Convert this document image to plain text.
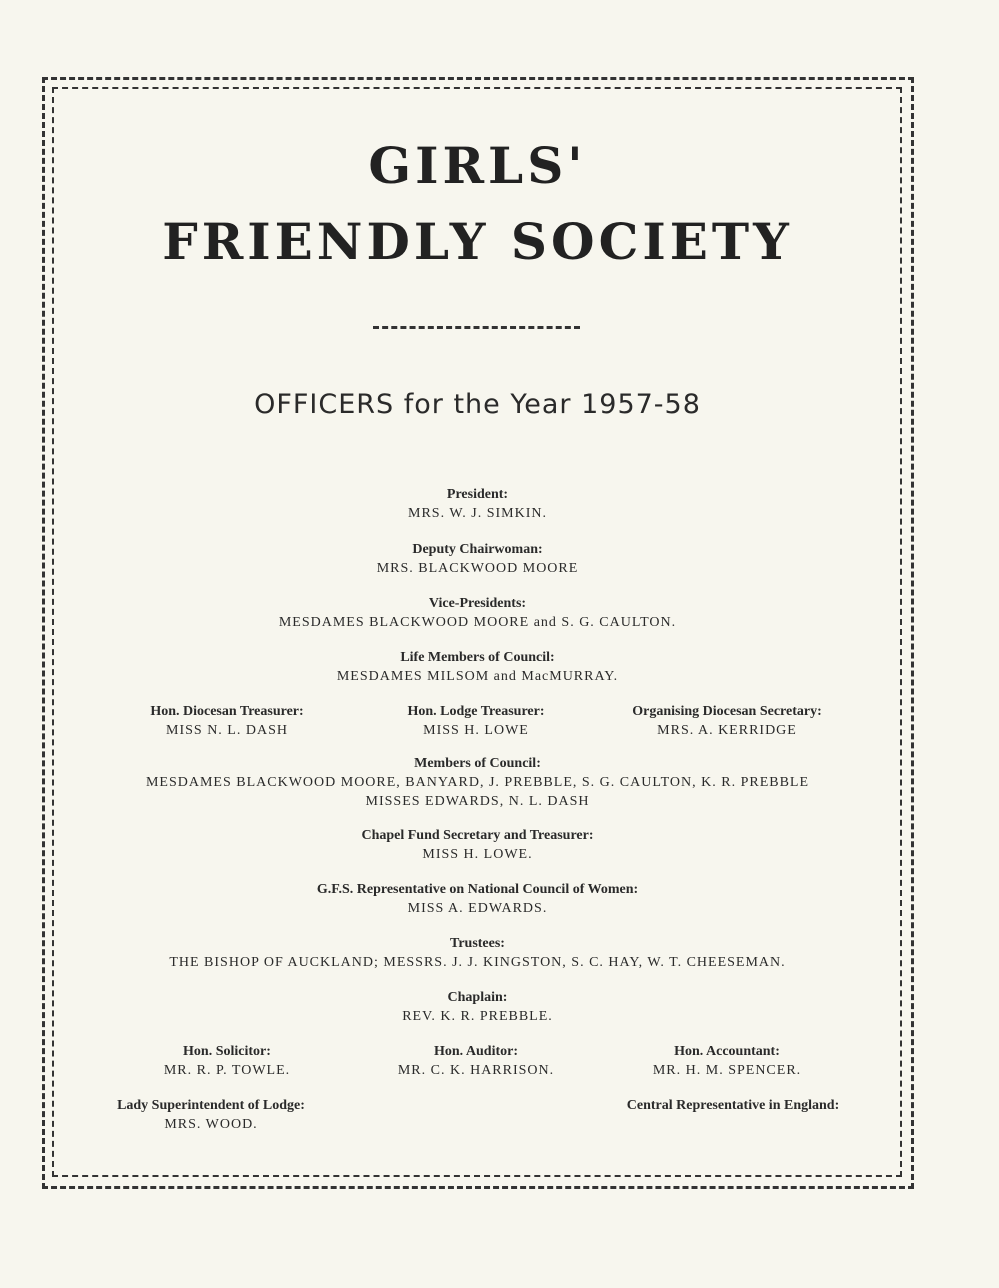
GIRLS'
FRIENDLY SOCIETY
OFFICERS for the Year 1957-58
President:
MRS. W. J. SIMKIN.
Deputy Chairwoman:
MRS. BLACKWOOD MOORE
Vice-Presidents:
MESDAMES BLACKWOOD MOORE and S. G. CAULTON.
Life Members of Council:
MESDAMES MILSOM and MacMURRAY.
Hon. Diocesan Treasurer:
MISS N. L. DASH
Hon. Lodge Treasurer:
MISS H. LOWE
Organising Diocesan Secretary:
MRS. A. KERRIDGE
Members of Council:
MESDAMES BLACKWOOD MOORE, BANYARD, J. PREBBLE, S. G. CAULTON, K. R. PREBBLE
MISSES EDWARDS, N. L. DASH
Chapel Fund Secretary and Treasurer:
MISS H. LOWE.
G.F.S. Representative on National Council of Women:
MISS A. EDWARDS.
Trustees:
THE BISHOP OF AUCKLAND; MESSRS. J. J. KINGSTON, S. C. HAY, W. T. CHEESEMAN.
Chaplain:
REV. K. R. PREBBLE.
Hon. Solicitor:
MR. R. P. TOWLE.
Hon. Auditor:
MR. C. K. HARRISON.
Hon. Accountant:
MR. H. M. SPENCER.
Lady Superintendent of Lodge:
MRS. WOOD.
Central Representative in England:
